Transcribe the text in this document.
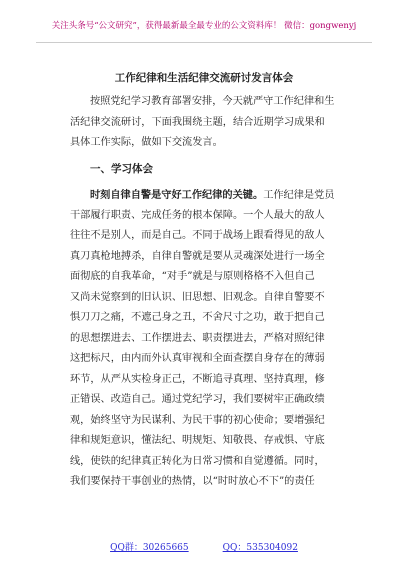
关注头条号“公文研究”，获得最新最全最专业的公文资料库！ 微信：gongwenyj
工作纪律和生活纪律交流研讨发言体会
按照党纪学习教育部署安排，今天就严守工作纪律和生
活纪律交流研讨，下面我围绕主题，结合近期学习成果和
具体工作实际，做如下交流发言。
一、学习体会
时刻自律自警是守好工作纪律的关键。工作纪律是党员
干部履行职责、完成任务的根本保障。一个人最大的敌人
往往不是别人，而是自己。不同于战场上跟看得见的敌人
真刀真枪地搏杀，自律自警就是要从灵魂深处进行一场全
面彻底的自我革命，“对手”就是与原则格格不入但自己
又尚未觉察到的旧认识、旧思想、旧观念。自律自警要不
惧刀刀之痛，不遮己身之丑，不舍尺寸之功，敢于把自己
的思想摆进去、工作摆进去、职责摆进去，严格对照纪律
这把标尺，由内而外认真审视和全面查摆自身存在的薄弱
环节，从严从实检身正己，不断追寻真理、坚持真理，修
正错误、改造自己。通过党纪学习，我们要树牢正确政绩
观，始终坚守为民谋利、为民干事的初心使命；要增强纪
律和规矩意识，懂法纪、明规矩、知敬畏、存戒惧、守底
线，使铁的纪律真正转化为日常习惯和自觉遵循。同时，
我们要保持干事创业的热情，以“时时放心不下”的责任
QQ群：30265665	QQ：535304092
